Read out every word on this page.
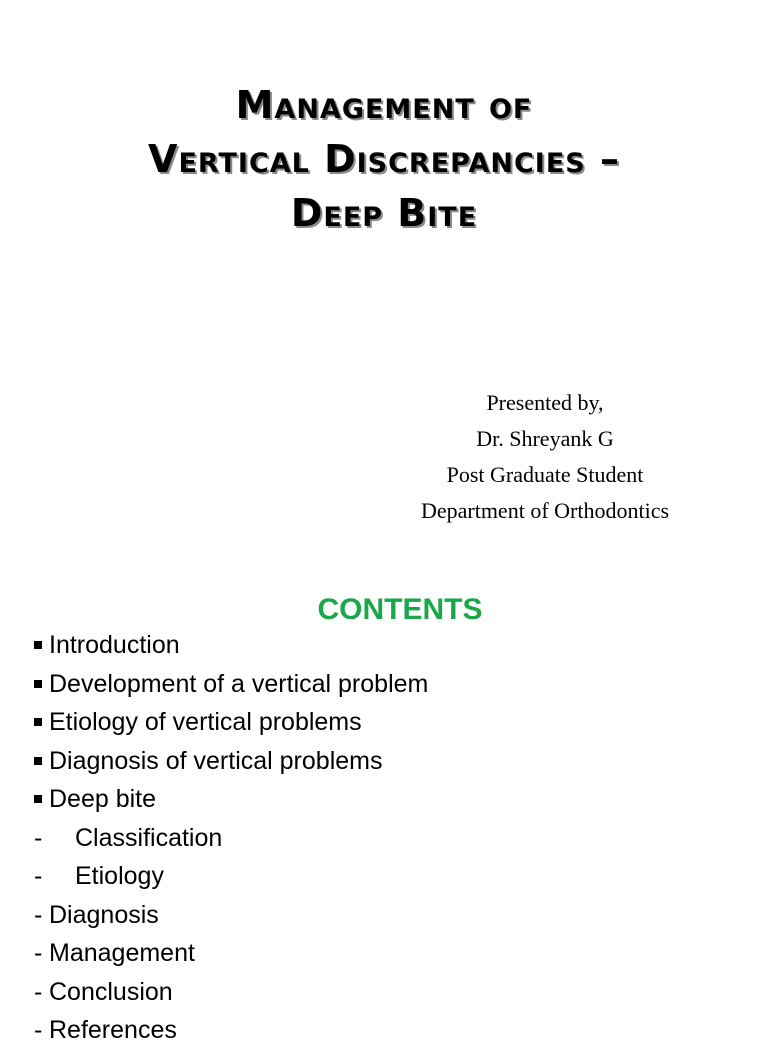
Management of
Vertical Discrepancies –
Deep Bite
Presented by,
Dr. Shreyank G
Post Graduate Student
Department of Orthodontics
CONTENTS
Introduction
Development of a vertical problem
Etiology of vertical problems
Diagnosis of vertical problems
Deep bite
-	Classification
-	Etiology
- Diagnosis
- Management
- Conclusion
- References
